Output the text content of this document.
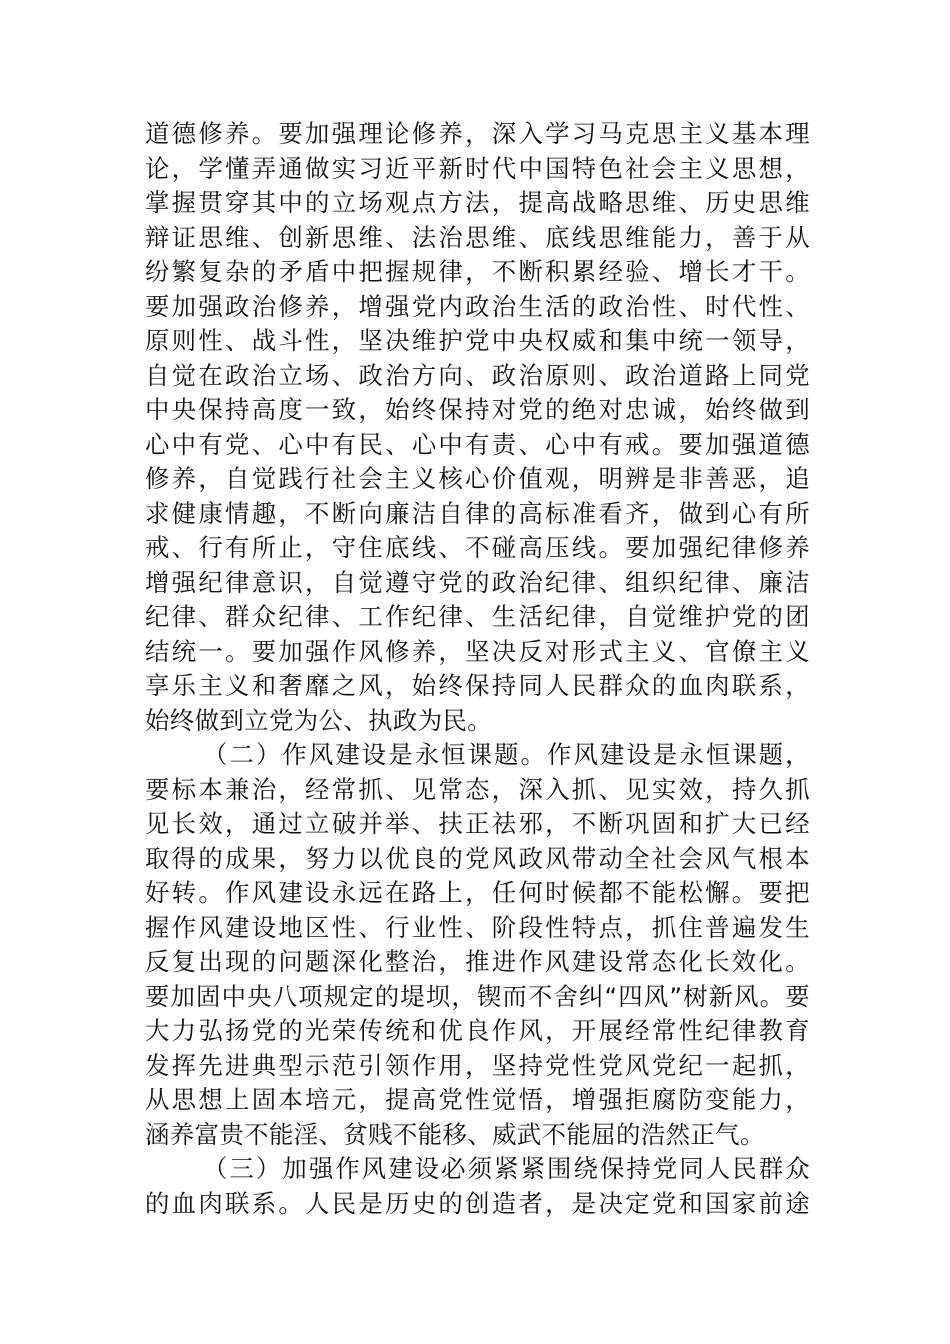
道德修养。要加强理论修养，深入学习马克思主义基本理
论，学懂弄通做实习近平新时代中国特色社会主义思想，
掌握贯穿其中的立场观点方法，提高战略思维、历史思维
辩证思维、创新思维、法治思维、底线思维能力，善于从
纷繁复杂的矛盾中把握规律，不断积累经验、增长才干。
要加强政治修养，增强党内政治生活的政治性、时代性、
原则性、战斗性，坚决维护党中央权威和集中统一领导，
自觉在政治立场、政治方向、政治原则、政治道路上同党
中央保持高度一致，始终保持对党的绝对忠诚，始终做到
心中有党、心中有民、心中有责、心中有戒。要加强道德
修养，自觉践行社会主义核心价值观，明辨是非善恶，追
求健康情趣，不断向廉洁自律的高标准看齐，做到心有所
戒、行有所止，守住底线、不碰高压线。要加强纪律修养
增强纪律意识，自觉遵守党的政治纪律、组织纪律、廉洁
纪律、群众纪律、工作纪律、生活纪律，自觉维护党的团
结统一。要加强作风修养，坚决反对形式主义、官僚主义
享乐主义和奢靡之风，始终保持同人民群众的血肉联系，
始终做到立党为公、执政为民。
（二）作风建设是永恒课题。作风建设是永恒课题，
要标本兼治，经常抓、见常态，深入抓、见实效，持久抓
见长效，通过立破并举、扶正祛邪，不断巩固和扩大已经
取得的成果，努力以优良的党风政风带动全社会风气根本
好转。作风建设永远在路上，任何时候都不能松懈。要把
握作风建设地区性、行业性、阶段性特点，抓住普遍发生
反复出现的问题深化整治，推进作风建设常态化长效化。
要加固中央八项规定的堤坝，锲而不舍纠“四风”树新风。要
大力弘扬党的光荣传统和优良作风，开展经常性纪律教育
发挥先进典型示范引领作用，坚持党性党风党纪一起抓，
从思想上固本培元，提高党性觉悟，增强拒腐防变能力，
涵养富贵不能淫、贫贱不能移、威武不能屈的浩然正气。
（三）加强作风建设必须紧紧围绕保持党同人民群众
的血肉联系。人民是历史的创造者，是决定党和国家前途
